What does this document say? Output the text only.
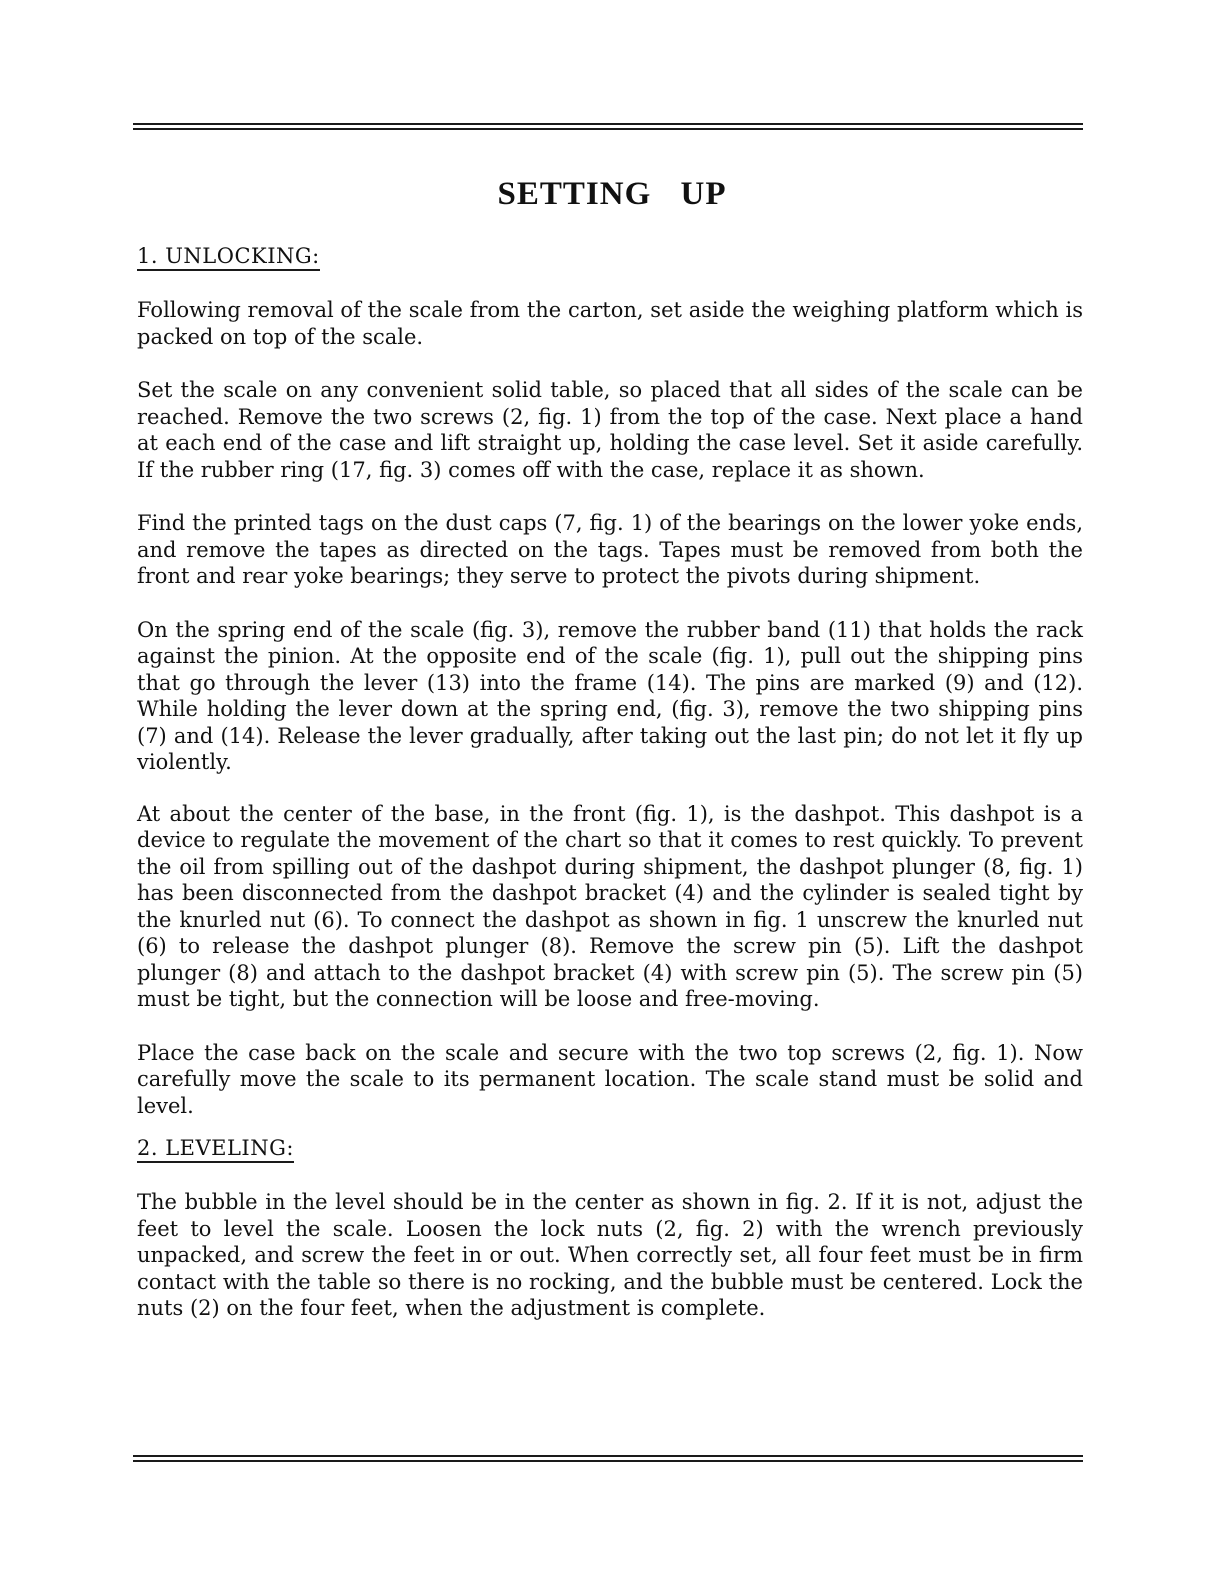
SETTING UP
1. UNLOCKING:

Following removal of the scale from the carton, set aside the weighing platform which is packed on top of the scale.

Set the scale on any convenient solid table, so placed that all sides of the scale can be reached. Remove the two screws (2, fig. 1) from the top of the case. Next place a hand at each end of the case and lift straight up, holding the case level. Set it aside carefully. If the rubber ring (17, fig. 3) comes off with the case, replace it as shown.

Find the printed tags on the dust caps (7, fig. 1) of the bearings on the lower yoke ends, and remove the tapes as directed on the tags. Tapes must be removed from both the front and rear yoke bearings; they serve to protect the pivots during shipment.

On the spring end of the scale (fig. 3), remove the rubber band (11) that holds the rack against the pinion. At the opposite end of the scale (fig. 1), pull out the shipping pins that go through the lever (13) into the frame (14). The pins are marked (9) and (12). While holding the lever down at the spring end, (fig. 3), remove the two shipping pins (7) and (14). Release the lever gradually, after taking out the last pin; do not let it fly up violently.

At about the center of the base, in the front (fig. 1), is the dashpot. This dashpot is a device to regulate the movement of the chart so that it comes to rest quickly. To prevent the oil from spilling out of the dashpot during shipment, the dashpot plunger (8, fig. 1) has been disconnected from the dashpot bracket (4) and the cylinder is sealed tight by the knurled nut (6). To connect the dashpot as shown in fig. 1 unscrew the knurled nut (6) to release the dashpot plunger (8). Remove the screw pin (5). Lift the dashpot plunger (8) and attach to the dashpot bracket (4) with screw pin (5). The screw pin (5) must be tight, but the connection will be loose and free-moving.

Place the case back on the scale and secure with the two top screws (2, fig. 1). Now carefully move the scale to its permanent location. The scale stand must be solid and level.

2. LEVELING:

The bubble in the level should be in the center as shown in fig. 2. If it is not, adjust the feet to level the scale. Loosen the lock nuts (2, fig. 2) with the wrench previously unpacked, and screw the feet in or out. When correctly set, all four feet must be in firm contact with the table so there is no rocking, and the bubble must be centered. Lock the nuts (2) on the four feet, when the adjustment is complete.
